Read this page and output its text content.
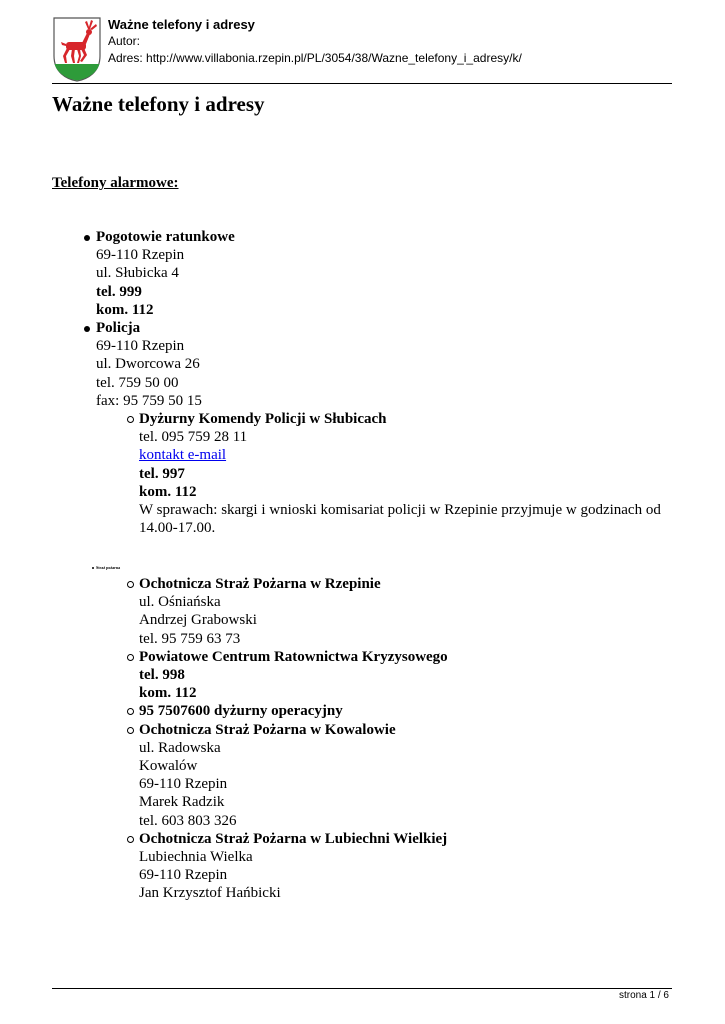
Ważne telefony i adresy
Autor:
Adres: http://www.villabonia.rzepin.pl/PL/3054/38/Wazne_telefony_i_adresy/k/
Ważne telefony i adresy
Telefony alarmowe:
Pogotowie ratunkowe
69-110 Rzepin
ul. Słubicka 4
tel. 999
kom. 112
Policja
69-110 Rzepin
ul. Dworcowa 26
tel. 759 50 00
fax: 95 759 50 15
Dyżurny Komendy Policji w Słubicach
tel. 095 759 28 11
kontakt e-mail
tel. 997
kom. 112
W sprawach: skargi i wnioski komisariat policji w Rzepinie przyjmuje w godzinach od 14.00-17.00.
Straż pożarna
Ochotnicza Straż Pożarna w Rzepinie
ul. Ośniańska
Andrzej Grabowski
tel. 95 759 63 73
Powiatowe Centrum Ratownictwa Kryzysowego
tel. 998
kom. 112
95 7507600 dyżurny operacyjny
Ochotnicza Straż Pożarna w Kowalowie
ul. Radowska
Kowalów
69-110 Rzepin
Marek Radzik
tel. 603 803 326
Ochotnicza Straż Pożarna w Lubiechni Wielkiej
Lubiechnia Wielka
69-110 Rzepin
Jan Krzysztof Hańbicki
strona 1 / 6
